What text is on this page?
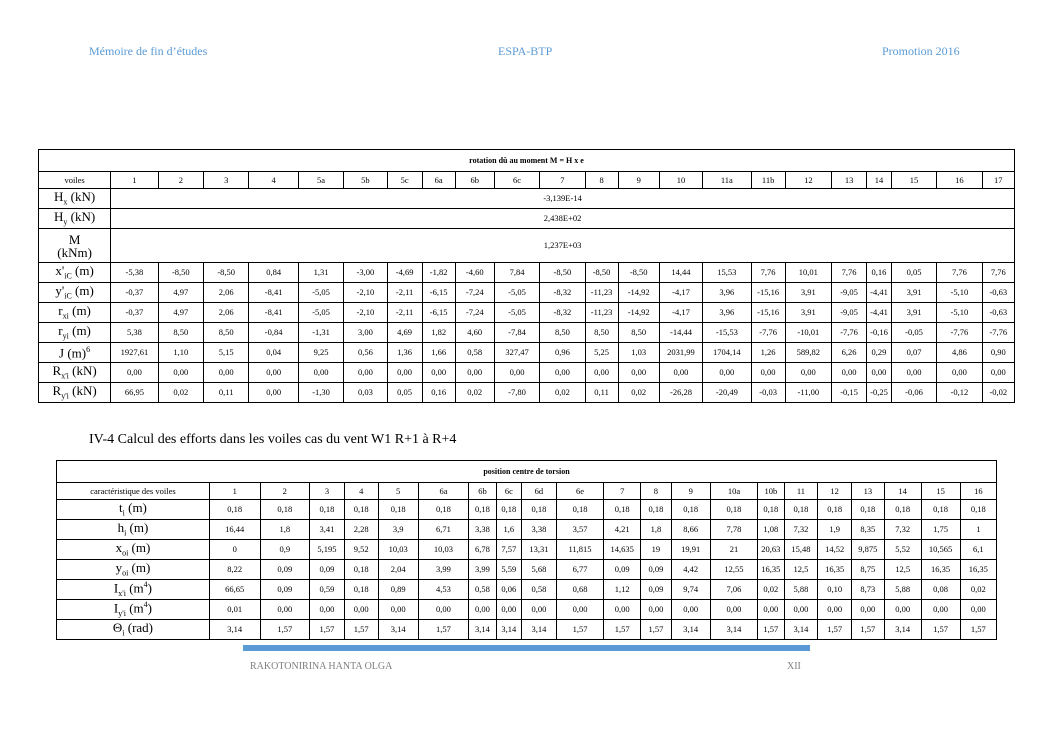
Mémoire de fin d’études	ESPA-BTP	Promotion 2016
rotation dû au moment M = H x e																						
voiles	1	2	3	4	5a	5b	5c	6a	6b	6c	7	8	9	10	11a	11b	12	13	14	15	16	17
$H_x$ (kN)	-3,139E-14																					
$H_y$ (kN)	2,438E+02																					
M
(kNm)	1,237E+03																					
$x'_{iC}$ (m)	-5,38	-8,50	-8,50	0,84	1,31	-3,00	-4,69	-1,82	-4,60	7,84	-8,50	-8,50	-8,50	14,44	15,53	7,76	10,01	7,76	0,16	0,05	7,76	7,76
$y'_{iC}$ (m)	-0,37	4,97	2,06	-8,41	-5,05	-2,10	-2,11	-6,15	-7,24	-5,05	-8,32	-11,23	-14,92	-4,17	3,96	-15,16	3,91	-9,05	-4,41	3,91	-5,10	-0,63
$r_{xi}$ (m)	-0,37	4,97	2,06	-8,41	-5,05	-2,10	-2,11	-6,15	-7,24	-5,05	-8,32	-11,23	-14,92	-4,17	3,96	-15,16	3,91	-9,05	-4,41	3,91	-5,10	-0,63
$r_{yi}$ (m)	5,38	8,50	8,50	-0,84	-1,31	3,00	4,69	1,82	4,60	-7,84	8,50	8,50	8,50	-14,44	-15,53	-7,76	-10,01	-7,76	-0,16	-0,05	-7,76	-7,76
J $(m)^6$	1927,61	1,10	5,15	0,04	9,25	0,56	1,36	1,66	0,58	327,47	0,96	5,25	1,03	2031,99	1704,14	1,26	589,82	6,26	0,29	0,07	4,86	0,90
$R_{x'i}$ (kN)	0,00	0,00	0,00	0,00	0,00	0,00	0,00	0,00	0,00	0,00	0,00	0,00	0,00	0,00	0,00	0,00	0,00	0,00	0,00	0,00	0,00	0,00
$R_{y'i}$ (kN)	66,95	0,02	0,11	0,00	-1,30	0,03	0,05	0,16	0,02	-7,80	0,02	0,11	0,02	-26,28	-20,49	-0,03	-11,00	-0,15	-0,25	-0,06	-0,12	-0,02
IV-4 Calcul des efforts dans les voiles cas du vent W1 R+1 à R+4
position centre de torsion																					
caractéristique des voiles	1	2	3	4	5	6a	6b	6c	6d	6e	7	8	9	10a	10b	11	12	13	14	15	16
$t_i$ (m)	0,18	0,18	0,18	0,18	0,18	0,18	0,18	0,18	0,18	0,18	0,18	0,18	0,18	0,18	0,18	0,18	0,18	0,18	0,18	0,18	0,18
$h_i$ (m)	16,44	1,8	3,41	2,28	3,9	6,71	3,38	1,6	3,38	3,57	4,21	1,8	8,66	7,78	1,08	7,32	1,9	8,35	7,32	1,75	1
$x_{oi}$ (m)	0	0,9	5,195	9,52	10,03	10,03	6,78	7,57	13,31	11,815	14,635	19	19,91	21	20,63	15,48	14,52	9,875	5,52	10,565	6,1
$y_{oi}$ (m)	8,22	0,09	0,09	0,18	2,04	3,99	3,99	5,59	5,68	6,77	0,09	0,09	4,42	12,55	16,35	12,5	16,35	8,75	12,5	16,35	16,35
$I_{x'i}$ $(m^4)$	66,65	0,09	0,59	0,18	0,89	4,53	0,58	0,06	0,58	0,68	1,12	0,09	9,74	7,06	0,02	5,88	0,10	8,73	5,88	0,08	0,02
$I_{y'i}$ $(m^4)$	0,01	0,00	0,00	0,00	0,00	0,00	0,00	0,00	0,00	0,00	0,00	0,00	0,00	0,00	0,00	0,00	0,00	0,00	0,00	0,00	0,00
$\Theta_i$ (rad)	3,14	1,57	1,57	1,57	3,14	1,57	3,14	3,14	3,14	1,57	1,57	1,57	3,14	3,14	1,57	3,14	1,57	1,57	3,14	1,57	1,57
RAKOTONIRINA HANTA OLGA	XII
